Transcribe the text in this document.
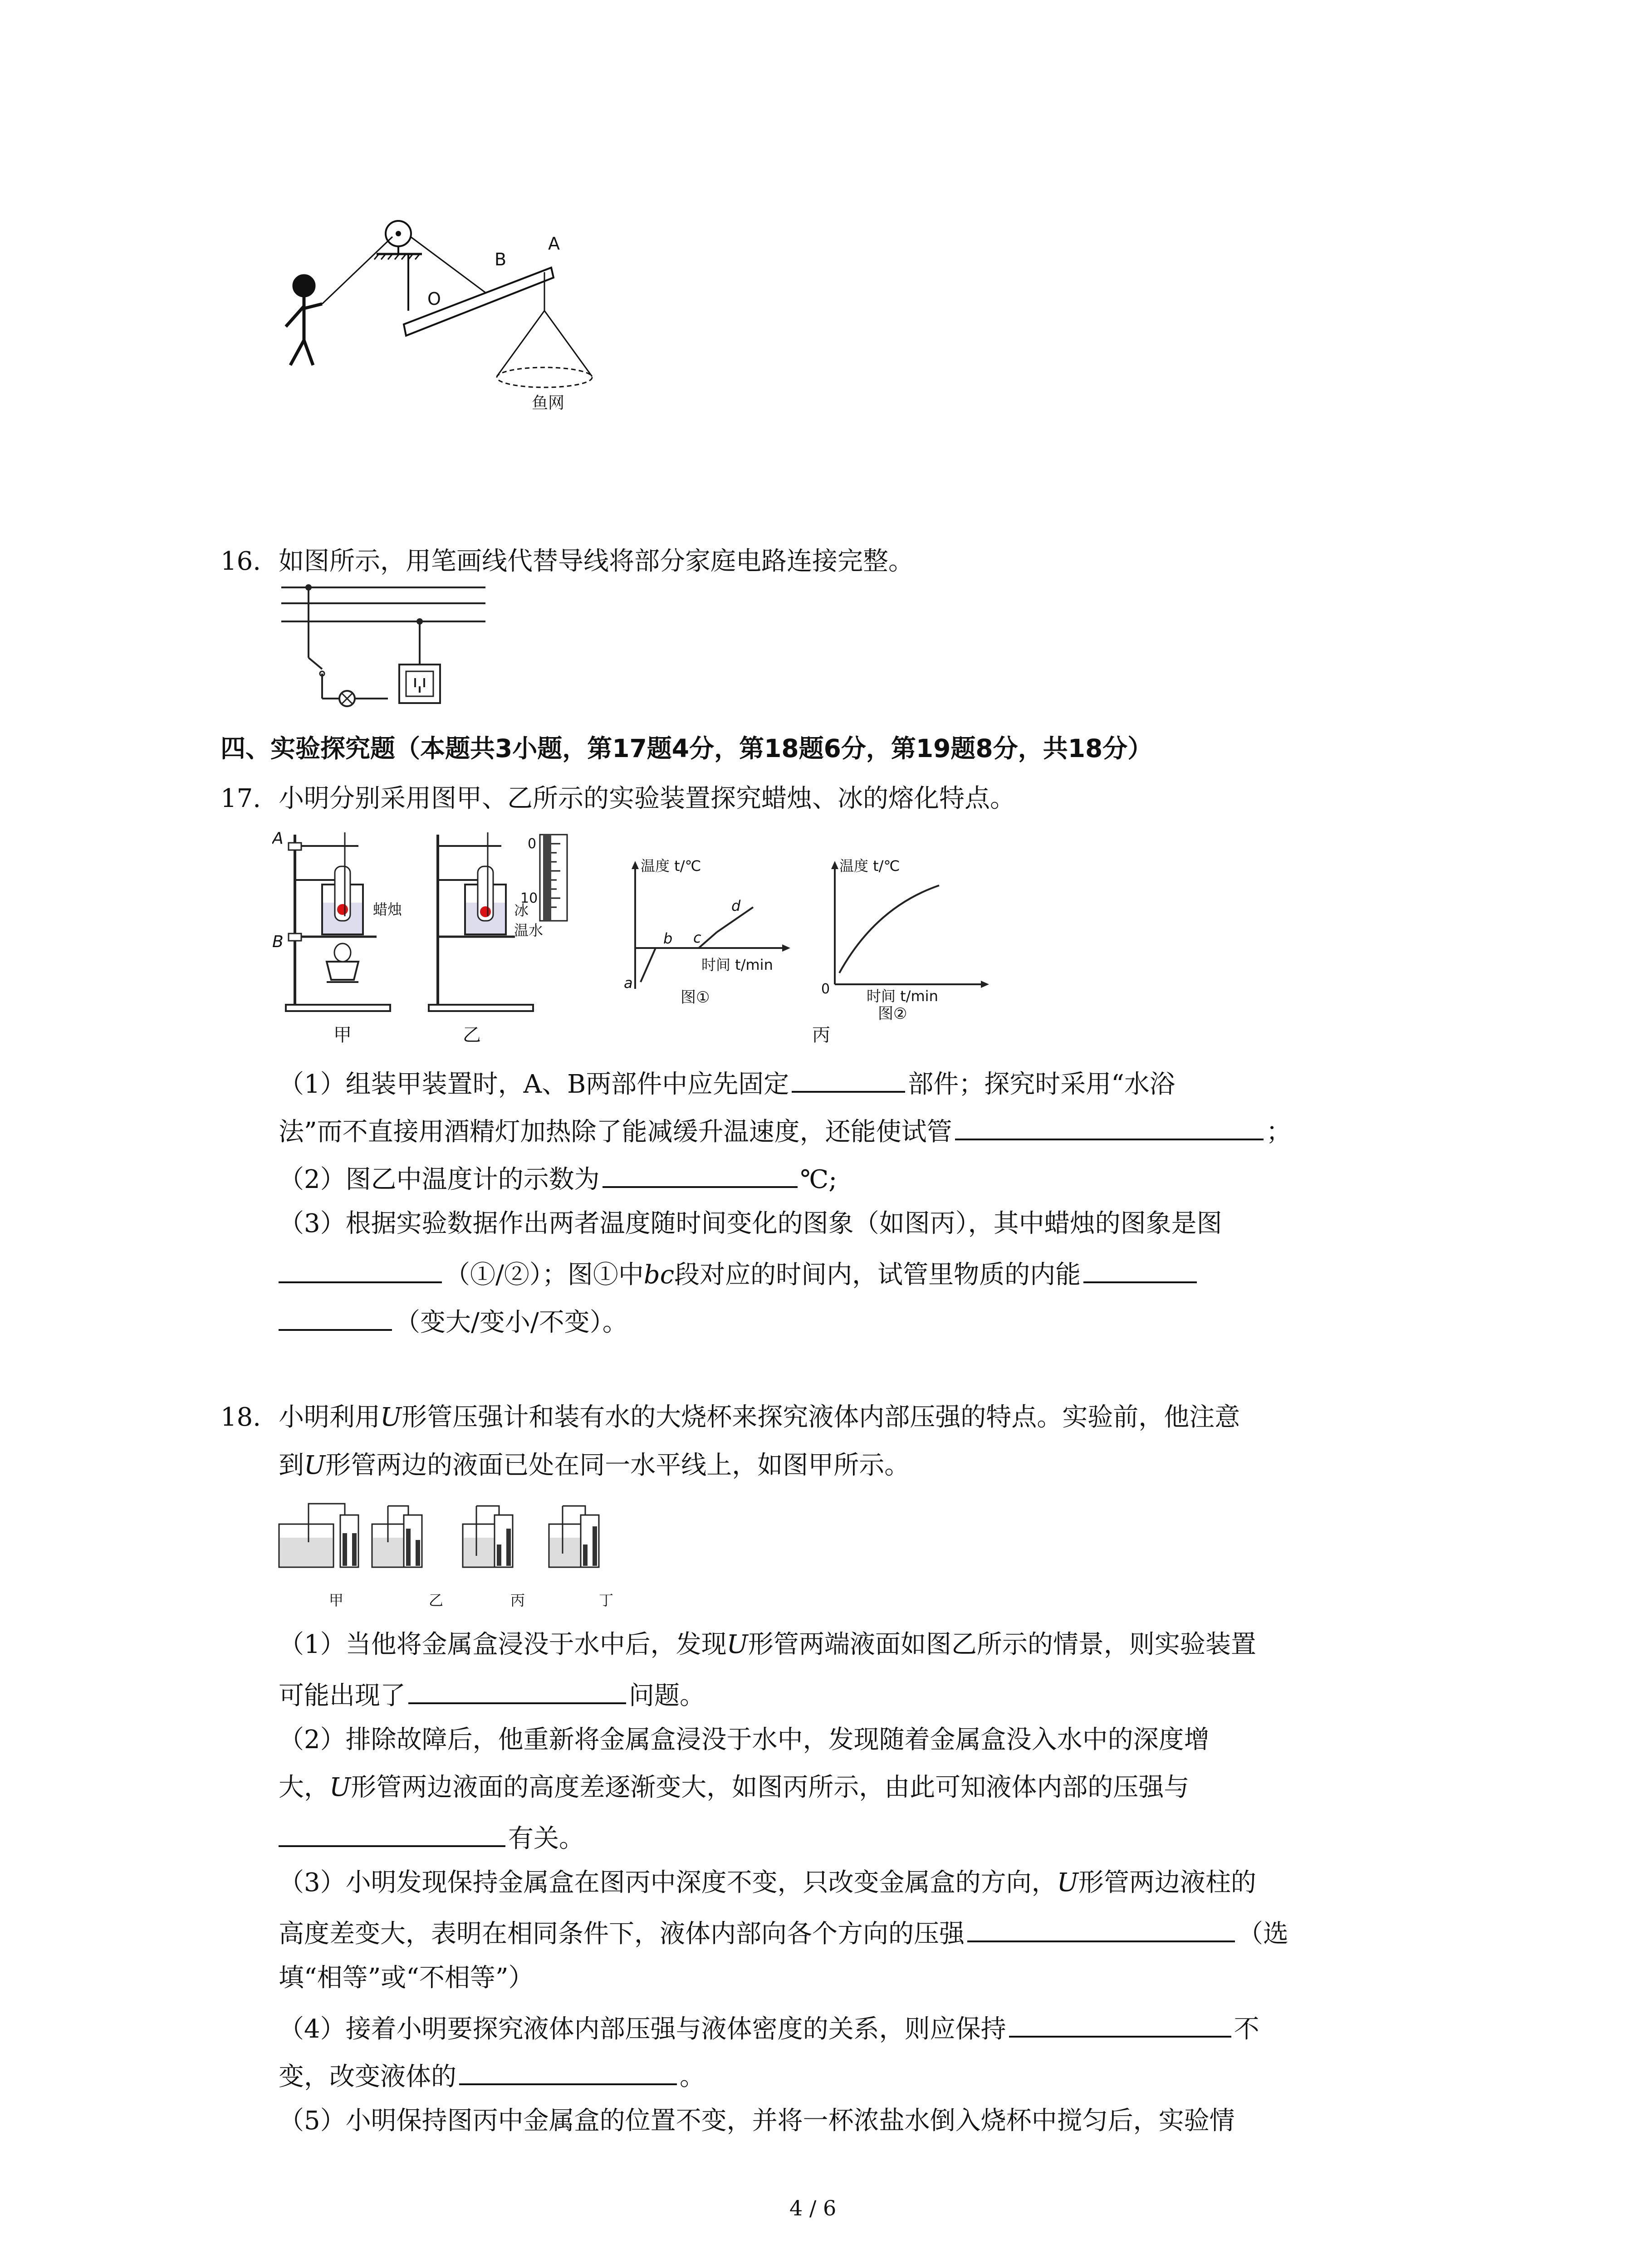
O
B
A
鱼网
16. 如图所示，用笔画线代替导线将部分家庭电路连接完整。
四、实验探究题（本题共3小题，第17题4分，第18题6分，第19题8分，共18分）
17. 小明分别采用图甲、乙所示的实验装置探究蜡烛、冰的熔化特点。
A
B
蜡烛
0
10
冰
温水
温度 t/℃
时间 t/min
a
b c
d
图①
温度 t/℃
0	时间 t/min
图②
甲	乙	丙
（1）组装甲装置时，A、B两部件中应先固定	部件；探究时采用“水浴
法”而不直接用酒精灯加热除了能减缓升温速度，还能使试管	；
（2）图乙中温度计的示数为	℃;
（3）根据实验数据作出两者温度随时间变化的图象（如图丙），其中蜡烛的图象是图
（①/②）；图①中bc段对应的时间内，试管里物质的内能
（变大/变小/不变）。
18. 小明利用U形管压强计和装有水的大烧杯来探究液体内部压强的特点。实验前，他注意
到U形管两边的液面已处在同一水平线上，如图甲所示。
甲	乙	丙	丁
（1）当他将金属盒浸没于水中后，发现U形管两端液面如图乙所示的情景，则实验装置
可能出现了	问题。
（2）排除故障后，他重新将金属盒浸没于水中，发现随着金属盒没入水中的深度增
大，U形管两边液面的高度差逐渐变大，如图丙所示，由此可知液体内部的压强与
有关。
（3）小明发现保持金属盒在图丙中深度不变，只改变金属盒的方向，U形管两边液柱的
高度差变大，表明在相同条件下，液体内部向各个方向的压强	（选
填“相等”或“不相等”）
（4）接着小明要探究液体内部压强与液体密度的关系，则应保持	不
变，改变液体的	。
（5）小明保持图丙中金属盒的位置不变，并将一杯浓盐水倒入烧杯中搅匀后，实验情
4 / 6
